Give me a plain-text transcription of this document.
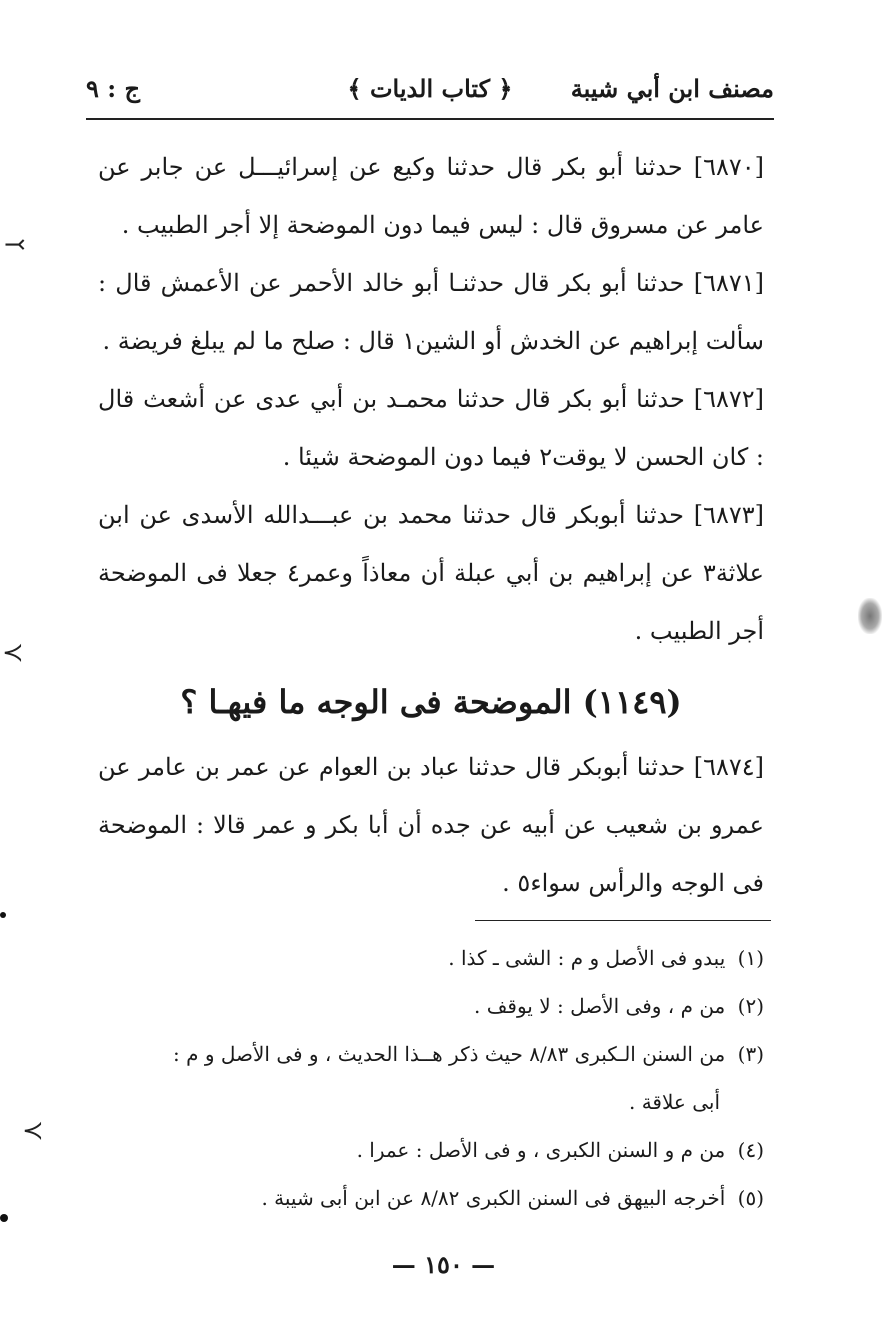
مصنف ابن أبي شيبة
﴿ كتاب الديات ﴾
ج : ٩

[٦٨٧٠] حدثنا أبو بكر قال حدثنا وكيع عن إسرائيـــل عن جابر عن عامر عن مسروق قال : ليس فيما دون الموضحة إلا أجر الطبيب .

[٦٨٧١] حدثنا أبو بكر قال حدثنـا أبو خالد الأحمر عن الأعمش قال : سألت إبراهيم عن الخدش أو الشين١ قال : صلح ما لم يبلغ فريضة .

[٦٨٧٢] حدثنا أبو بكر قال حدثنا محمـد بن أبي عدى عن أشعث قال : كان الحسن لا يوقت٢ فيما دون الموضحة شيئا .

[٦٨٧٣] حدثنا أبوبكر قال حدثنا محمد بن عبـــدالله الأسدى عن ابن علاثة٣ عن إبراهيم بن أبي عبلة أن معاذاً وعمر٤ جعلا فى الموضحة أجر الطبيب .

(١١٤٩) الموضحة فى الوجه ما فيهـا ؟

[٦٨٧٤] حدثنا أبوبكر قال حدثنا عباد بن العوام عن عمر بن عامر عن عمرو بن شعيب عن أبيه عن جده أن أبا بكر و عمر قالا : الموضحة فى الوجه والرأس سواء٥ .

(١) يبدو فى الأصل و م : الشى ـ كذا .

(٢) من م ، وفى الأصل : لا يوقف .

(٣) من السنن الـكبرى ٨/٨٣ حيث ذكر هــذا الحديث ، و فى الأصل و م :

أبى علاقة .

(٤) من م و السنن الكبرى ، و فى الأصل : عمرا .

(٥) أخرجه البيهق فى السنن الكبرى ٨/٨٢ عن ابن أبى شيبة .

— ١٥٠ —
⤙
≺
≺
